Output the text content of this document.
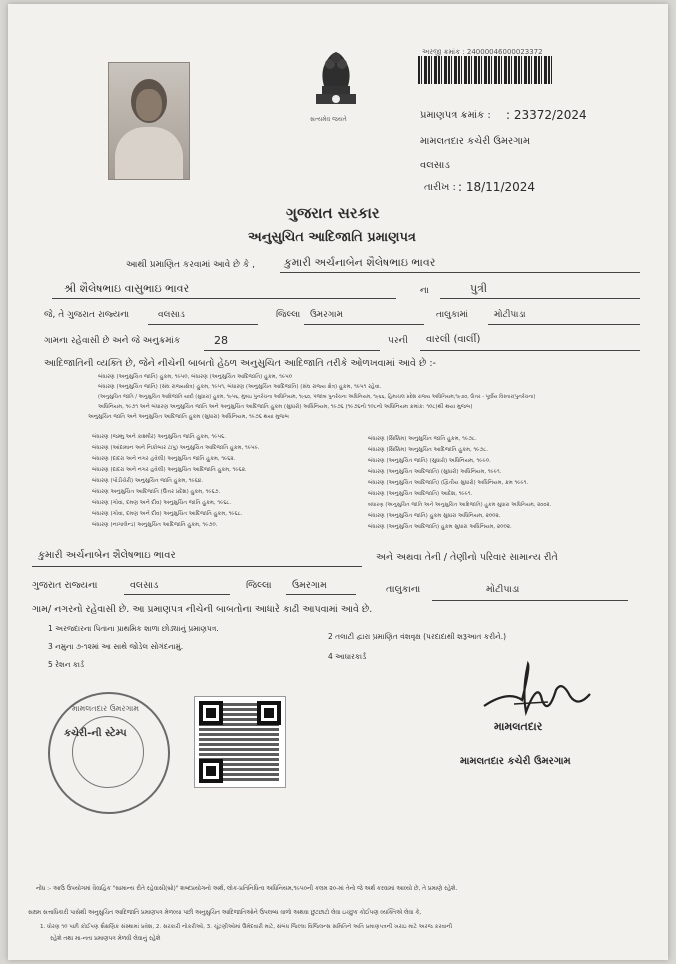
સત્યમેવ જયતે
અરજી ક્રમાંક : 24000046000023372
પ્રમાણપત્ર ક્રમાંક : : 23372/2024
મામલતદાર કચેરી ઉમરગામ
વલસાડ
તારીખ : : 18/11/2024
ગુજરાત સરકાર
અનુસુચિત આદિજાતિ પ્રમાણપત્ર
આથી પ્રમાણિત કરવામાં આવે છે કે ,	કુમારી અર્ચનાબેન શૈલેષભાઇ ભાવર
શ્રી શૈલેષભાઇ વાસુભાઇ ભાવર	ના	પુત્રી
જે, તે ગુજરાત રાજ્યના	વલસાડ	જિલ્લા ઉમરગામ	તાલુકામાં	મોટીપાડા
ગામના રહેવાસી છે અને જે અનુક્રમાંક	28	પરની વારલી (વાર્લી)
આદિજાતિની વ્યક્તિ છે, જેને નીચેની બાબતો હેઠળ અનુસુચિત આદિજાતિ તરીકે ઓળખવામાં આવે છે :-
બંધારણ (અનુસુચિત જાતિ) હુકમ, ૧૯૫૦, બંધારણ (અનુસુચિત આદિજાતિ) હુકમ, ૧૯૫૦
બંધારણ (અનુસુચિત જાતિ) (સંઘ રાજ્યક્ષેત્ર) હુકમ, ૧૯૫૧, બંધારણ (અનુસુચિત આદિજાતિ) (સંઘ રાજ્ય ક્ષેત્ર) હુકમ, ૧૯૫૧ રહેવા.
(અનુસુચિત જાતિ / અનુસુચિત આદિજાતિ યાદી (સુધારા) હુકમ, ૧૯૫૬, મુંબઇ પુનર્રચના અધિનિયમ, ૧૯૬૦, પંજાબ પુનર્રચના અધિનિયમ, ૧૯૬૬, હિમાચલ પ્રદેશ રાજ્ય અધિનિયમ,૧૯૭૦, ઉત્તર - પૂર્વીય વિસ્તાર(પુનર્રચના)
અધિનિયમ, ૧૯૭૧ અને બંધારણ અનુસુચિત જાતિ અને અનુસુચિત આદિજાતિ હુકમ (સુધારો) અધિનિયમ, ૧૯૭૬ (૧૯૭૬નો ૧૦૮નો અધિનિયમ ક્રમાંક: ૧૦૮)થી થયા મુજબ)
અનુસુચિત જાતિ અને અનુસુચિત આદિજાતિ હુકમ (સુધારા) અધિનિયમ, ૧૯૭૬ થયા મુજબ
બંધારણ (જમ્મુ અને કાશ્મીર) અનુસુચિત જાતિ હુકમ, ૧૯૫૬.
બંધારણ (આંદામાન અને નિકોબાર ટાપુ) અનુસુચિત આદિજાતિ હુકમ, ૧૯૫૯.
બંધારણ (દાદરા અને નગર હવેલી) અનુસુચિત જાતિ હુકમ, ૧૯૬૨.
બંધારણ (દાદરા અને નગર હવેલી) અનુસુચિત આદિજાતિ હુકમ, ૧૯૬૨.
બંધારણ (પોંડીચેરી) અનુસુચિત જાતિ હુકમ, ૧૯૬૪.
બંધારણ અનુસુચિત આદિજાતિ (ઉત્તર પ્રદેશ) હુકમ, ૧૯૬૭.
બંધારણ (ગોવા, દમણ અને દીવ) અનુસુચિત જાતિ હુકમ, ૧૯૬૮.
બંધારણ (ગોવા, દમણ અને દીવ) અનુસુચિત આદિજાતિ હુકમ, ૧૯૬૮.
બંધારણ (નાગાલેન્ડ) અનુસુચિત આદિજાતિ હુકમ, ૧૯૭૦.
બંધારણ (સિક્કિમ) અનુસુચિત જાતિ હુકમ, ૧૯૭૮.
બંધારણ (સિક્કિમ) અનુસુચિત આદિજાતિ હુકમ, ૧૯૭૮.
બંધારણ (અનુસુચિત જાતિ) (સુધારો) અધિનિયમ, ૧૯૯૦.
બંધારણ (અનુસુચિત આદિજાતિ) (સુધારો) અધિનિયમ, ૧૯૯૧.
બંધારણ (અનુસુચિત આદિજાતિ) (દ્વિતીય સુધારો) અધિનિયમ, ક્રમ ૧૯૯૧.
બંધારણ (અનુસુચિત આદિજાતિ) આદેશ, ૧૯૯૧.
બંધારણ (અનુસુચિત જાતિ અને અનુસુચિત આદિજાતિ) હુકમ સુધારા અધિનિયમ, ૨૦૦૨.
બંધારણ (અનુસુચિત જાતિ) હુકમ સુધારા અધિનિયમ, ૨૦૦૨.
બંધારણ (અનુસુચિત આદિજાતિ) હુકમ સુધારા અધિનિયમ, ૨૦૦૨.
કુમારી અર્ચનાબેન શૈલેષભાઇ ભાવર	અને અથવા તેની / તેણીનો પરિવાર સામાન્ય રીતે
ગુજરાત રાજ્યના	વલસાડ	જિલ્લા ઉમરગામ	તાલુકાના	મોટીપાડા
ગામ/ નગરનો રહેવાસી છે. આ પ્રમાણપત્ર નીચેની બાબતોના આધારે કાઢી આપવામાં આવે છે.
1 અરજદારના પિતાના પ્રાથમિક શાળા છોડ્યાનું પ્રમાણપત્ર.
2 તલાટી દ્વારા પ્રમાણિત વંશવૃક્ષ (પરદાદાથી શરૂઆત કરીને.)
3 નમુના ૭-૧૨માં આ સાથે જોડેલ સોગંદનામું.
4 આધારકાર્ડ
5 રેશન કાર્ડ
મામલતદાર ઉમરગામ
કચેરી-ની સ્ટેમ્પ
મામલતદાર
મામલતદાર કચેરી ઉમરગામ
નોંધ :- આઉ ઉપયોગમાં વૈવાહિક "સામાન્ય રીતે રહેવાસી(બ્રો)" શબ્દપ્રયોગનો અર્થ, લોક-પ્રતિનિધિત્વ અધિનિયમ,૧૯૫૦ની કલમ ૨૦-માં તેનો જે અર્થ કરવામાં આવ્યો છે, તે પ્રમાણે રહેશે.
સક્ષમ સત્તાધિકારી પાસેથી અનુસુચિત આદિજાતિ પ્રમાણપત્ર મેળવ્યા પછી અનુસુચિત આદિજાતિઓને ઉપલબ્ધ વાળો અથવા છુટછાટો લેવા ઇચ્છુક કોઈપણ વ્યક્તિએ લેવા કે,
1. ધોરણ ૧૦ પછી કોઈપણ શૈક્ષણિક સંસ્થામાં પ્રવેશ, 2. સરકારી નોકરીઓ, 3. ચૂંટણીઓમાં ઉમેદવારી માટે, સંબંધ જિલ્લા વિજિલન્સ સમિતિને અતિ પ્રમાણપત્રની ખરાઇ માટે અરજ કરવાની
રહેશે તથા મા-નતા પ્રમાણપત્ર મેળવી લેવાનું રહેશે
